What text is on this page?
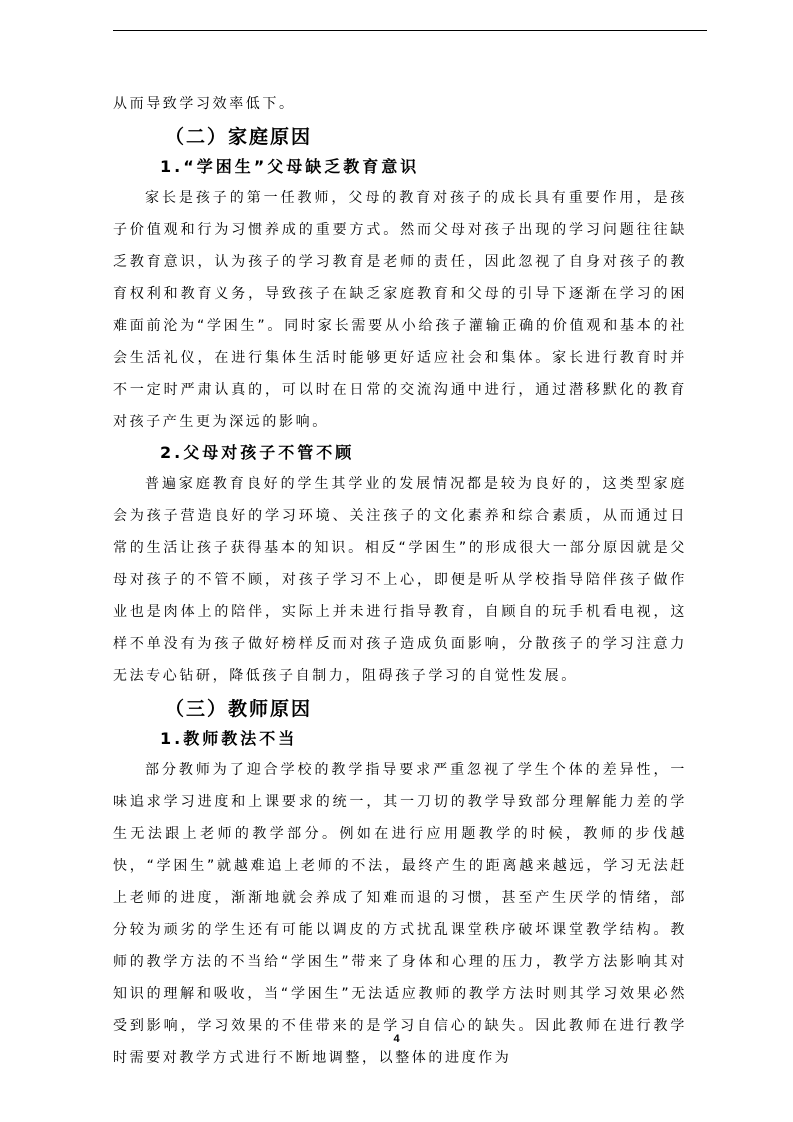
从而导致学习效率低下。

（二）家庭原因
1.“学困生”父母缺乏教育意识

家长是孩子的第一任教师，父母的教育对孩子的成长具有重要作用，是孩子价值观和行为习惯养成的重要方式。然而父母对孩子出现的学习问题往往缺乏教育意识，认为孩子的学习教育是老师的责任，因此忽视了自身对孩子的教育权利和教育义务，导致孩子在缺乏家庭教育和父母的引导下逐渐在学习的困难面前沦为“学困生”。同时家长需要从小给孩子灌输正确的价值观和基本的社会生活礼仪，在进行集体生活时能够更好适应社会和集体。家长进行教育时并不一定时严肃认真的，可以时在日常的交流沟通中进行，通过潜移默化的教育对孩子产生更为深远的影响。

2.父母对孩子不管不顾

普遍家庭教育良好的学生其学业的发展情况都是较为良好的，这类型家庭会为孩子营造良好的学习环境、关注孩子的文化素养和综合素质，从而通过日常的生活让孩子获得基本的知识。相反“学困生”的形成很大一部分原因就是父母对孩子的不管不顾，对孩子学习不上心，即便是听从学校指导陪伴孩子做作业也是肉体上的陪伴，实际上并未进行指导教育，自顾自的玩手机看电视，这样不单没有为孩子做好榜样反而对孩子造成负面影响，分散孩子的学习注意力无法专心钻研，降低孩子自制力，阻碍孩子学习的自觉性发展。

（三）教师原因
1.教师教法不当

部分教师为了迎合学校的教学指导要求严重忽视了学生个体的差异性，一味追求学习进度和上课要求的统一，其一刀切的教学导致部分理解能力差的学生无法跟上老师的教学部分。例如在进行应用题教学的时候，教师的步伐越快，“学困生”就越难追上老师的不法，最终产生的距离越来越远，学习无法赶上老师的进度，渐渐地就会养成了知难而退的习惯，甚至产生厌学的情绪，部分较为顽劣的学生还有可能以调皮的方式扰乱课堂秩序破坏课堂教学结构。教师的教学方法的不当给“学困生”带来了身体和心理的压力，教学方法影响其对知识的理解和吸收，当“学困生”无法适应教师的教学方法时则其学习效果必然受到影响，学习效果的不佳带来的是学习自信心的缺失。因此教师在进行教学时需要对教学方式进行不断地调整，以整体的进度作为

4
